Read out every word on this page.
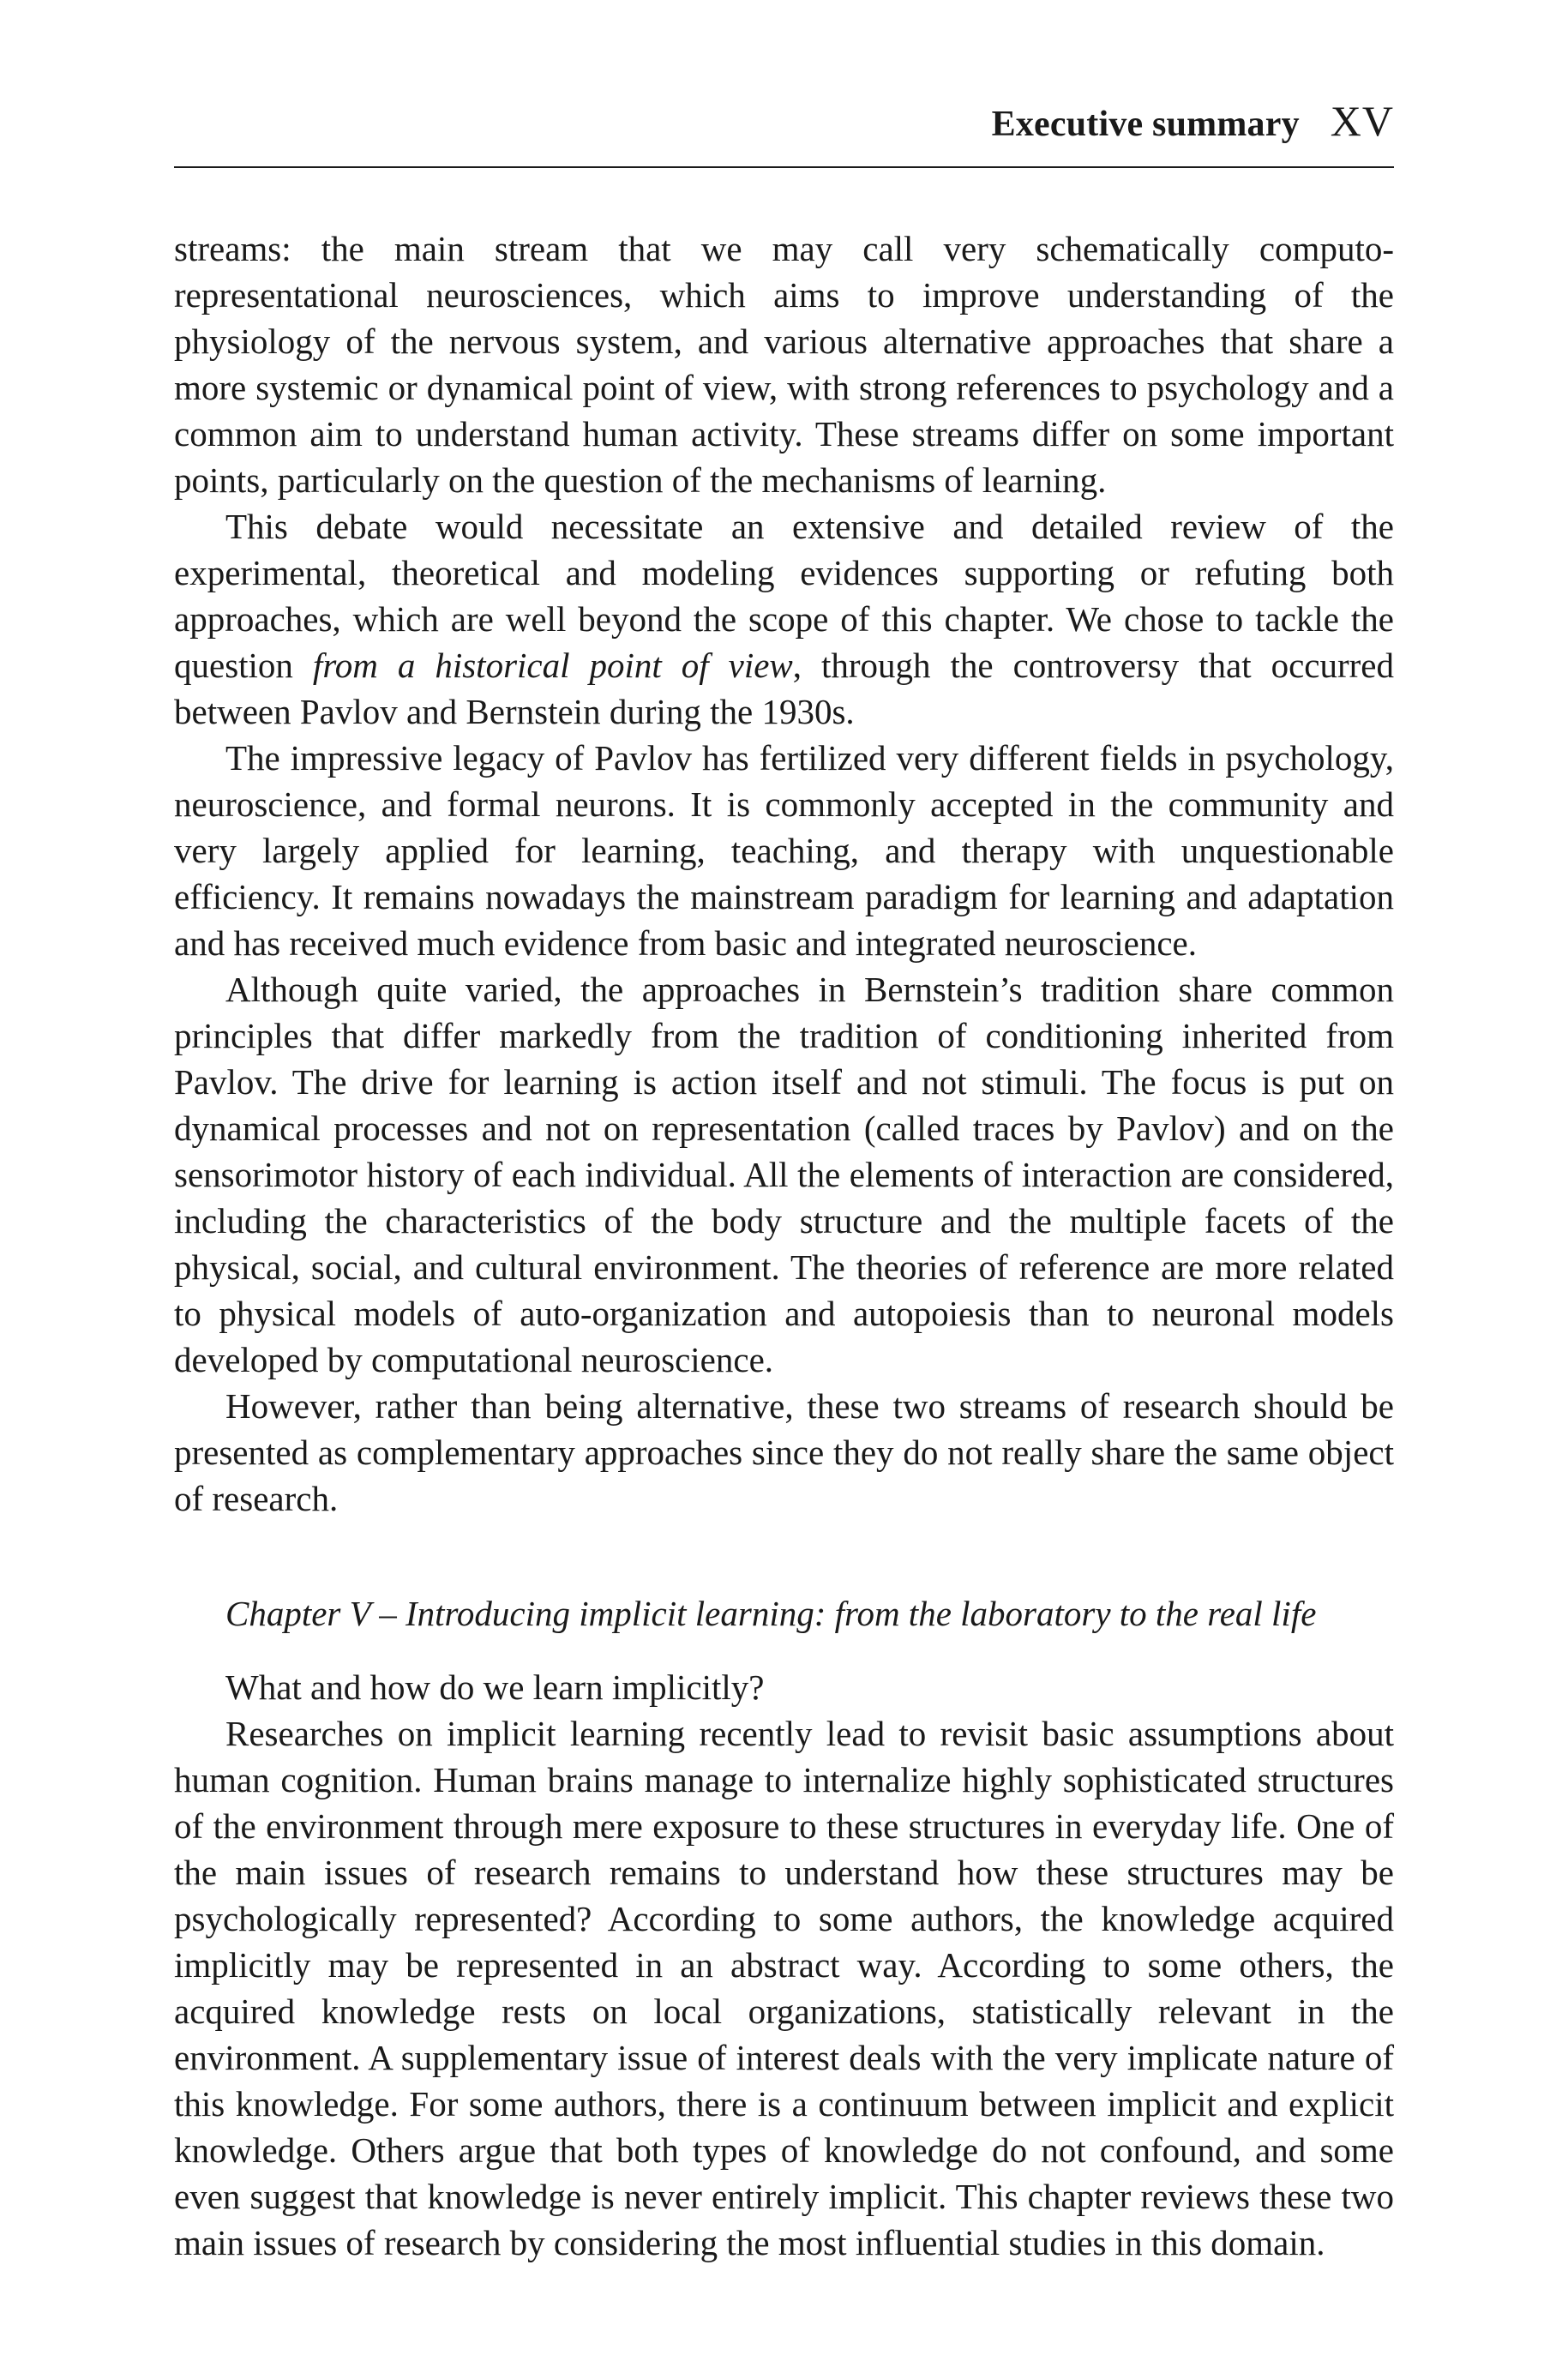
Executive summary XV

streams: the main stream that we may call very schematically computo-representational neurosciences, which aims to improve understanding of the physiology of the nervous system, and various alternative approaches that share a more systemic or dynamical point of view, with strong references to psychology and a common aim to understand human activity. These streams differ on some important points, particularly on the question of the mechanisms of learning.

This debate would necessitate an extensive and detailed review of the experimental, theoretical and modeling evidences supporting or refuting both approaches, which are well beyond the scope of this chapter. We chose to tackle the question from a historical point of view, through the controversy that occurred between Pavlov and Bernstein during the 1930s.

The impressive legacy of Pavlov has fertilized very different fields in psychology, neuroscience, and formal neurons. It is commonly accepted in the community and very largely applied for learning, teaching, and therapy with unquestionable efficiency. It remains nowadays the mainstream paradigm for learning and adaptation and has received much evidence from basic and integrated neuroscience.

Although quite varied, the approaches in Bernstein’s tradition share common principles that differ markedly from the tradition of conditioning inherited from Pavlov. The drive for learning is action itself and not stimuli. The focus is put on dynamical processes and not on representation (called traces by Pavlov) and on the sensorimotor history of each individual. All the elements of interaction are considered, including the characteristics of the body structure and the multiple facets of the physical, social, and cultural environment. The theories of reference are more related to physical models of auto-organization and autopoiesis than to neuronal models developed by computational neuroscience.

However, rather than being alternative, these two streams of research should be presented as complementary approaches since they do not really share the same object of research.

Chapter V – Introducing implicit learning: from the laboratory to the real life

What and how do we learn implicitly?

Researches on implicit learning recently lead to revisit basic assumptions about human cognition. Human brains manage to internalize highly sophisticated structures of the environment through mere exposure to these structures in everyday life. One of the main issues of research remains to understand how these structures may be psychologically represented? According to some authors, the knowledge acquired implicitly may be represented in an abstract way. According to some others, the acquired knowledge rests on local organizations, statistically relevant in the environment. A supplementary issue of interest deals with the very implicate nature of this knowledge. For some authors, there is a continuum between implicit and explicit knowledge. Others argue that both types of knowledge do not confound, and some even suggest that knowledge is never entirely implicit. This chapter reviews these two main issues of research by considering the most influential studies in this domain.
